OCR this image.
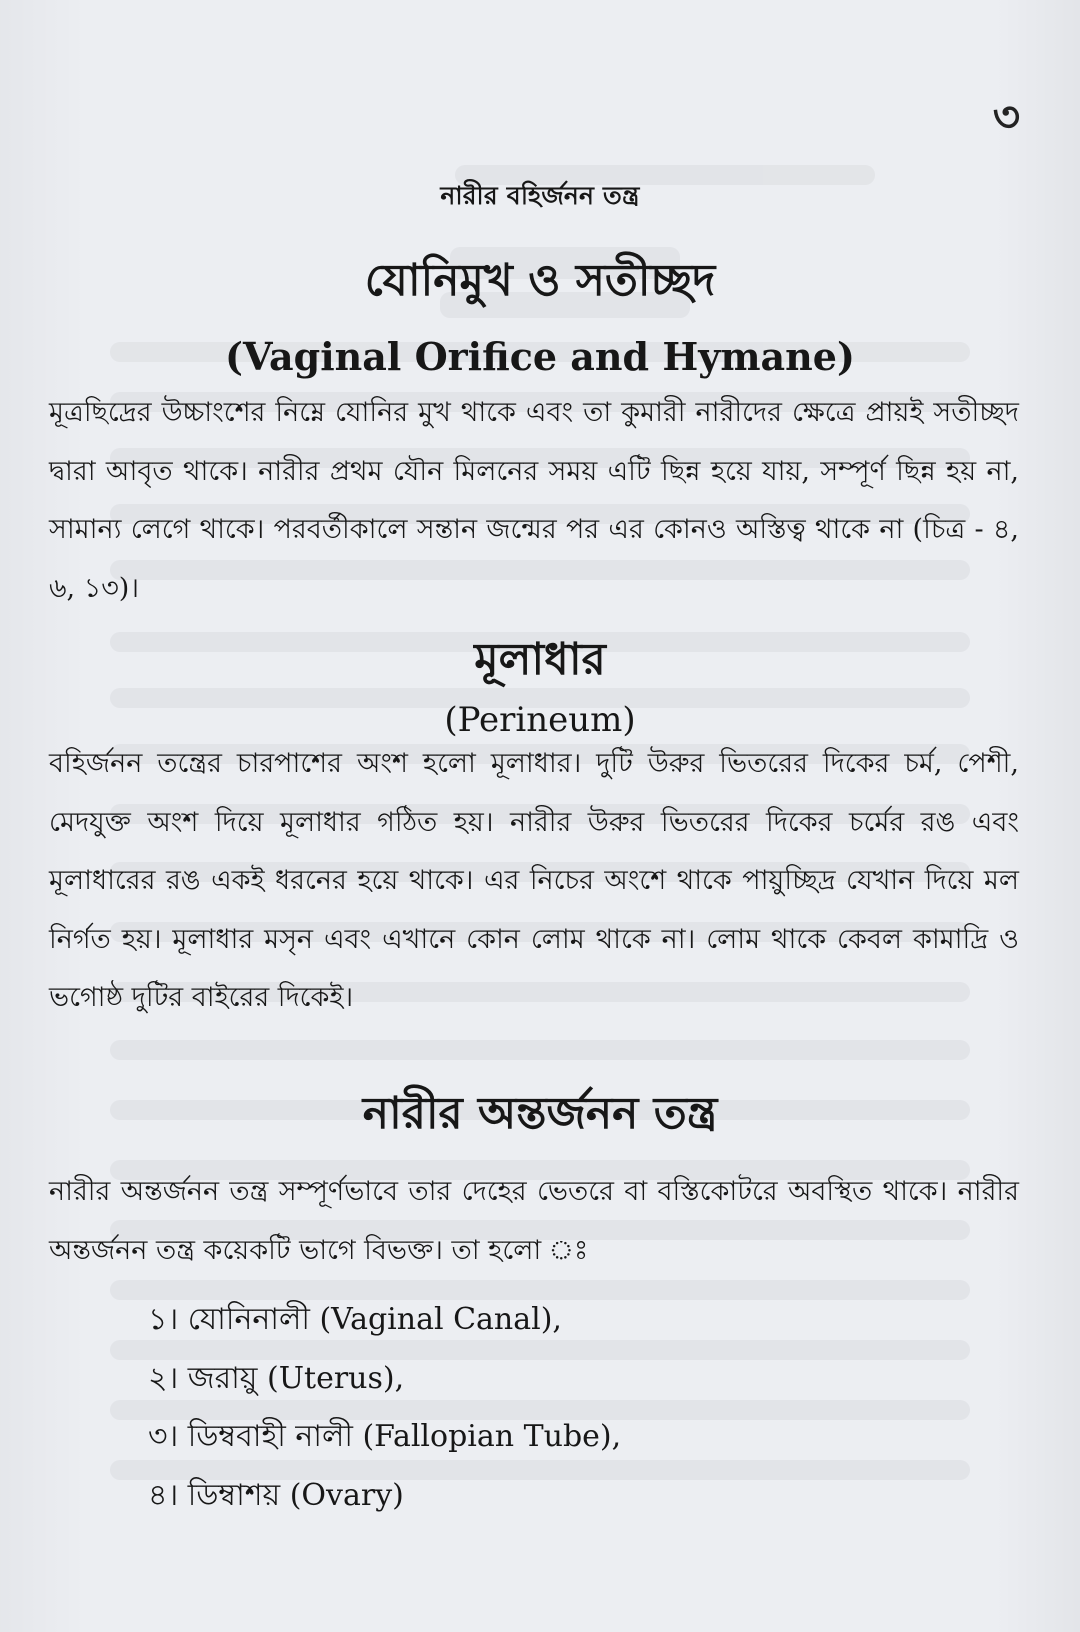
৩
নারীর বহির্জনন তন্ত্র
যোনিমুখ ও সতীচ্ছদ
(Vaginal Orifice and Hymane)
মূত্রছিদ্রের উচ্চাংশের নিম্নে যোনির মুখ থাকে এবং তা কুমারী নারীদের ক্ষেত্রে প্রায়ই সতীচ্ছদ দ্বারা আবৃত থাকে। নারীর প্রথম যৌন মিলনের সময় এটি ছিন্ন হয়ে যায়, সম্পূর্ণ ছিন্ন হয় না, সামান্য লেগে থাকে। পরবর্তীকালে সন্তান জন্মের পর এর কোনও অস্তিত্ব থাকে না (চিত্র - ৪, ৬, ১৩)।
মূলাধার
(Perineum)
বহির্জনন তন্ত্রের চারপাশের অংশ হলো মূলাধার। দুটি উরুর ভিতরের দিকের চর্ম, পেশী, মেদযুক্ত অংশ দিয়ে মূলাধার গঠিত হয়। নারীর উরুর ভিতরের দিকের চর্মের রঙ এবং মূলাধারের রঙ একই ধরনের হয়ে থাকে। এর নিচের অংশে থাকে পায়ুচ্ছিদ্র যেখান দিয়ে মল নির্গত হয়। মূলাধার মসৃন এবং এখানে কোন লোম থাকে না। লোম থাকে কেবল কামাদ্রি ও ভগোষ্ঠ দুটির বাইরের দিকেই।
নারীর অন্তর্জনন তন্ত্র
নারীর অন্তর্জনন তন্ত্র সম্পূর্ণভাবে তার দেহের ভেতরে বা বস্তিকোটরে অবস্থিত থাকে। নারীর অন্তর্জনন তন্ত্র কয়েকটি ভাগে বিভক্ত। তা হলো ঃ
১। যোনিনালী (Vaginal Canal),
২। জরায়ু (Uterus),
৩। ডিম্ববাহী নালী (Fallopian Tube),
৪। ডিম্বাশয় (Ovary)
